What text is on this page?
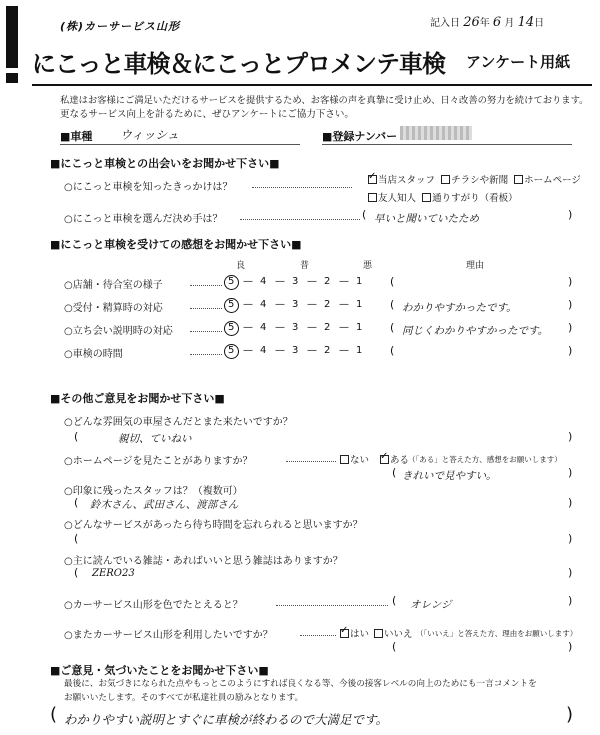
(株)カーサービス山形	記入日 26年 6 月 14日
にこっと車検＆にこっとプロメンテ車検 アンケート用紙
私達はお客様にご満足いただけるサービスを提供するため、お客様の声を真摯に受け止め、日々改善の努力を続けております。
更なるサービス向上を計るために、ぜひアンケートにご協力下さい。
■車種 ウィッシュ	■登録ナンバー
■にこっと車検との出会いをお聞かせ下さい■
○にこっと車検を知ったきっかけは？
✓ 当店スタッフ チラシや新聞 ホームページ
友人知人 通りすがり（看板）
○にこっと車検を選んだ決め手は？	( 早いと聞いていたため	)
■にこっと車検を受けての感想をお聞かせ下さい■
良	普	悪	理由
○店舗・待合室の様子	5 — 4 — 3 — 2 — 1	(	)
○受付・精算時の対応	5 — 4 — 3 — 2 — 1	( わかりやすかったです。	)
○立ち会い説明時の対応	5 — 4 — 3 — 2 — 1	( 同じくわかりやすかったです。 )
○車検の時間	5 — 4 — 3 — 2 — 1	(	)
■その他ご意見をお聞かせ下さい■
○どんな雰囲気の車屋さんだとまた来たいですか？
(	親切、ていねい	)
○ホームページを見たことがありますか？	ない ✓ ある
（「ある」と答えた方、感想をお願いします）
( きれいで見やすい。	)
○印象に残ったスタッフは？（複数可）
( 鈴木さん、武田さん、渡部さん	)
○どんなサービスがあったら待ち時間を忘れられると思いますか？
(	)
○主に読んでいる雑誌・あればいいと思う雑誌はありますか？
( ZERO23	)
○カーサービス山形を色でたとえると？	( オレンジ	)
○またカーサービス山形を利用したいですか？	✓ はい	いいえ （「いいえ」と答えた方、理由をお願いします）
(	)
■ご意見・気づいたことをお聞かせ下さい■
最後に、お気づきになられた点やもっとこのようにすれば良くなる等、今後の接客レベルの向上のためにも一言コメントを
お願いいたします。そのすべてが私達社員の励みとなります。
( わかりやすい説明とすぐに車検が終わるので大満足です。	)
